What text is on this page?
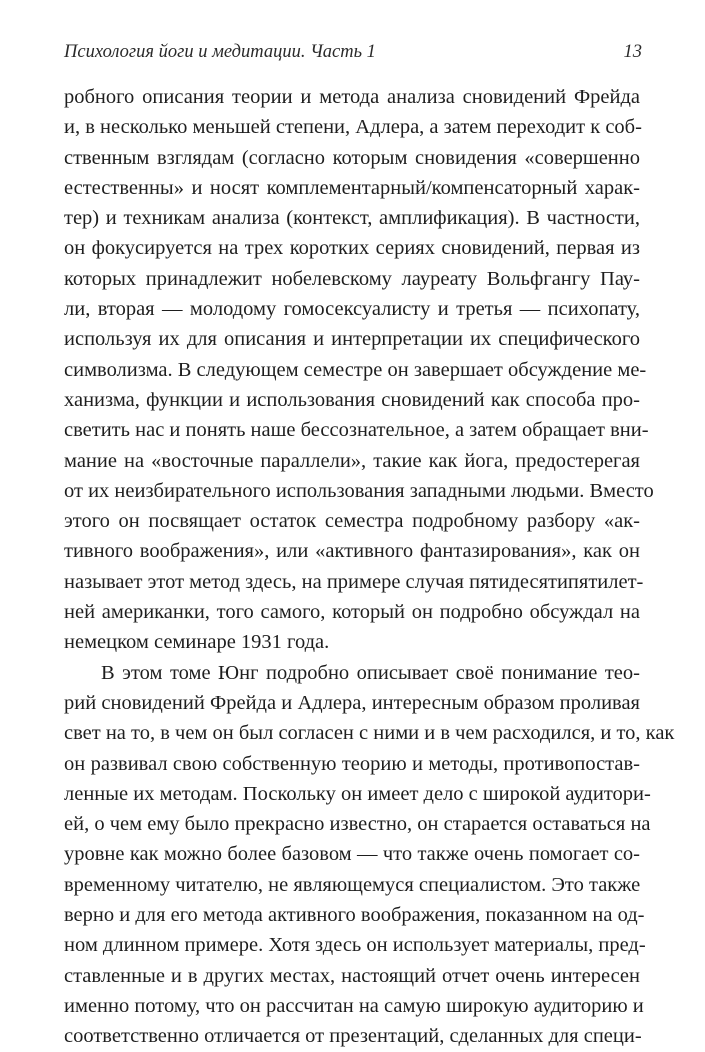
Психология йоги и медитации. Часть 1	13
робного описания теории и метода анализа сновидений Фрейда
и, в несколько меньшей степени, Адлера, а затем переходит к соб-
ственным взглядам (согласно которым сновидения «совершенно
естественны» и носят комплементарный/компенсаторный харак-
тер) и техникам анализа (контекст, амплификация). В частности,
он фокусируется на трех коротких сериях сновидений, первая из
которых принадлежит нобелевскому лауреату Вольфгангу Пау-
ли, вторая — молодому гомосексуалисту и третья — психопату,
используя их для описания и интерпретации их специфического
символизма. В следующем семестре он завершает обсуждение ме-
ханизма, функции и использования сновидений как способа про-
светить нас и понять наше бессознательное, а затем обращает вни-
мание на «восточные параллели», такие как йога, предостерегая
от их неизбирательного использования западными людьми. Вместо
этого он посвящает остаток семестра подробному разбору «ак-
тивного воображения», или «активного фантазирования», как он
называет этот метод здесь, на примере случая пятидесятипятилет-
ней американки, того самого, который он подробно обсуждал на
немецком семинаре 1931 года.
В этом томе Юнг подробно описывает своё понимание тео-
рий сновидений Фрейда и Адлера, интересным образом проливая
свет на то, в чем он был согласен с ними и в чем расходился, и то, как
он развивал свою собственную теорию и методы, противопостав-
ленные их методам. Поскольку он имеет дело с широкой аудитори-
ей, о чем ему было прекрасно известно, он старается оставаться на
уровне как можно более базовом — что также очень помогает со-
временному читателю, не являющемуся специалистом. Это также
верно и для его метода активного воображения, показанном на од-
ном длинном примере. Хотя здесь он использует материалы, пред-
ставленные и в других местах, настоящий отчет очень интересен
именно потому, что он рассчитан на самую широкую аудиторию и
соответственно отличается от презентаций, сделанных для специ-
